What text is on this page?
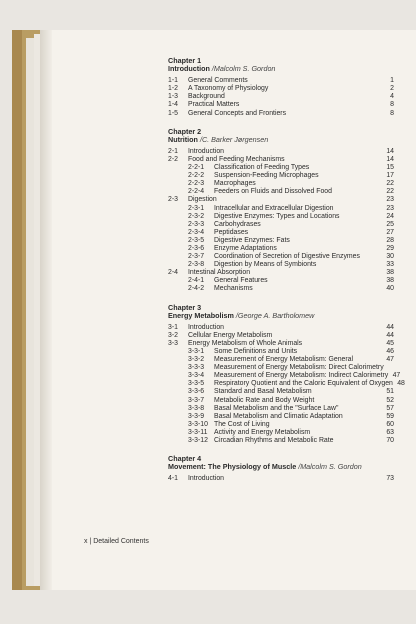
Chapter 1
Introduction /Malcolm S. Gordon
1-1 General Comments	1
1-2 A Taxonomy of Physiology	2
1-3 Background	4
1-4 Practical Matters	8
1-5 General Concepts and Frontiers	8
Chapter 2
Nutrition /C. Barker Jørgensen
2-1 Introduction	14
2-2 Food and Feeding Mechanisms	14
2-2-1 Classification of Feeding Types	15
2-2-2 Suspension-Feeding Microphages	17
2-2-3 Macrophages	22
2-2-4 Feeders on Fluids and Dissolved Food	22
2-3 Digestion	23
2-3-1 Intracellular and Extracellular Digestion	23
2-3-2 Digestive Enzymes: Types and Locations	24
2-3-3 Carbohydrases	25
2-3-4 Peptidases	27
2-3-5 Digestive Enzymes: Fats	28
2-3-6 Enzyme Adaptations	29
2-3-7 Coordination of Secretion of Digestive Enzymes	30
2-3-8 Digestion by Means of Symbionts	33
2-4 Intestinal Absorption	38
2-4-1 General Features	38
2-4-2 Mechanisms	40
Chapter 3
Energy Metabolism /George A. Bartholomew
3-1 Introduction	44
3-2 Cellular Energy Metabolism	44
3-3 Energy Metabolism of Whole Animals	45
3-3-1 Some Definitions and Units	46
3-3-2 Measurement of Energy Metabolism: General	47
3-3-3 Measurement of Energy Metabolism: Direct Calorimetry
3-3-4 Measurement of Energy Metabolism: Indirect Calorimetry 47
3-3-5 Respiratory Quotient and the Caloric Equivalent of Oxygen 48
3-3-6 Standard and Basal Metabolism	51
3-3-7 Metabolic Rate and Body Weight	52
3-3-8 Basal Metabolism and the "Surface Law"	57
3-3-9 Basal Metabolism and Climatic Adaptation	59
3-3-10 The Cost of Living	60
3-3-11 Activity and Energy Metabolism	63
3-3-12 Circadian Rhythms and Metabolic Rate	70
Chapter 4
Movement: The Physiology of Muscle /Malcolm S. Gordon
4-1 Introduction	73
x | Detailed Contents
